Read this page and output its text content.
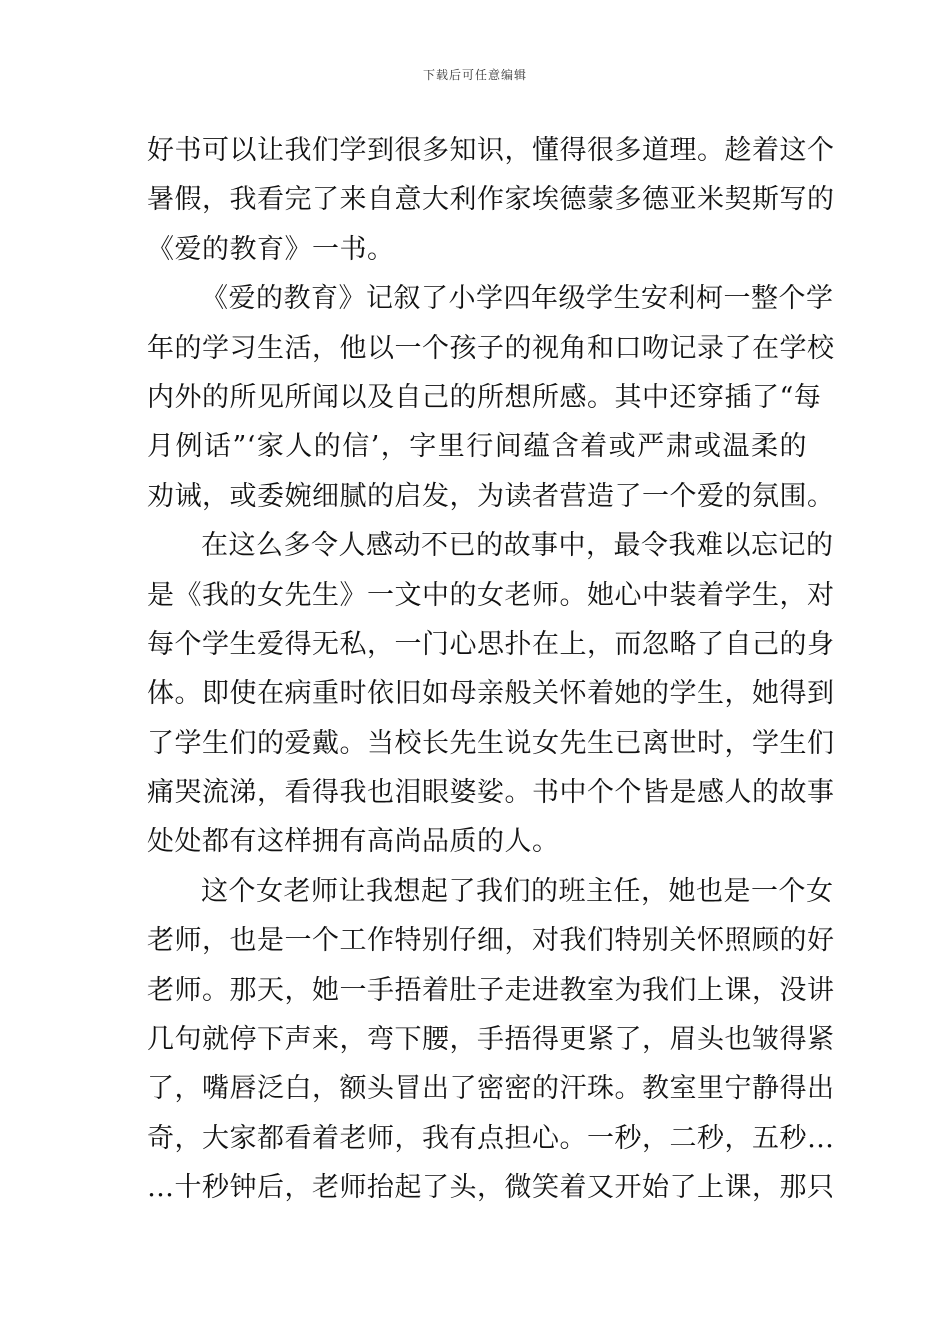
下载后可任意编辑
好书可以让我们学到很多知识，懂得很多道理。趁着这个
暑假，我看完了来自意大利作家埃德蒙多德亚米契斯写的
《爱的教育》一书。
《爱的教育》记叙了小学四年级学生安利柯一整个学
年的学习生活，他以一个孩子的视角和口吻记录了在学校
内外的所见所闻以及自己的所想所感。其中还穿插了“每
月例话”‘家人的信’，字里行间蕴含着或严肃或温柔的
劝诫，或委婉细腻的启发，为读者营造了一个爱的氛围。
在这么多令人感动不已的故事中，最令我难以忘记的
是《我的女先生》一文中的女老师。她心中装着学生，对
每个学生爱得无私，一门心思扑在上，而忽略了自己的身
体。即使在病重时依旧如母亲般关怀着她的学生，她得到
了学生们的爱戴。当校长先生说女先生已离世时，学生们
痛哭流涕，看得我也泪眼婆娑。书中个个皆是感人的故事
处处都有这样拥有高尚品质的人。
这个女老师让我想起了我们的班主任，她也是一个女
老师，也是一个工作特别仔细，对我们特别关怀照顾的好
老师。那天，她一手捂着肚子走进教室为我们上课，没讲
几句就停下声来，弯下腰，手捂得更紧了，眉头也皱得紧
了，嘴唇泛白，额头冒出了密密的汗珠。教室里宁静得出
奇，大家都看着老师，我有点担心。一秒，二秒，五秒…
…十秒钟后，老师抬起了头，微笑着又开始了上课，那只
